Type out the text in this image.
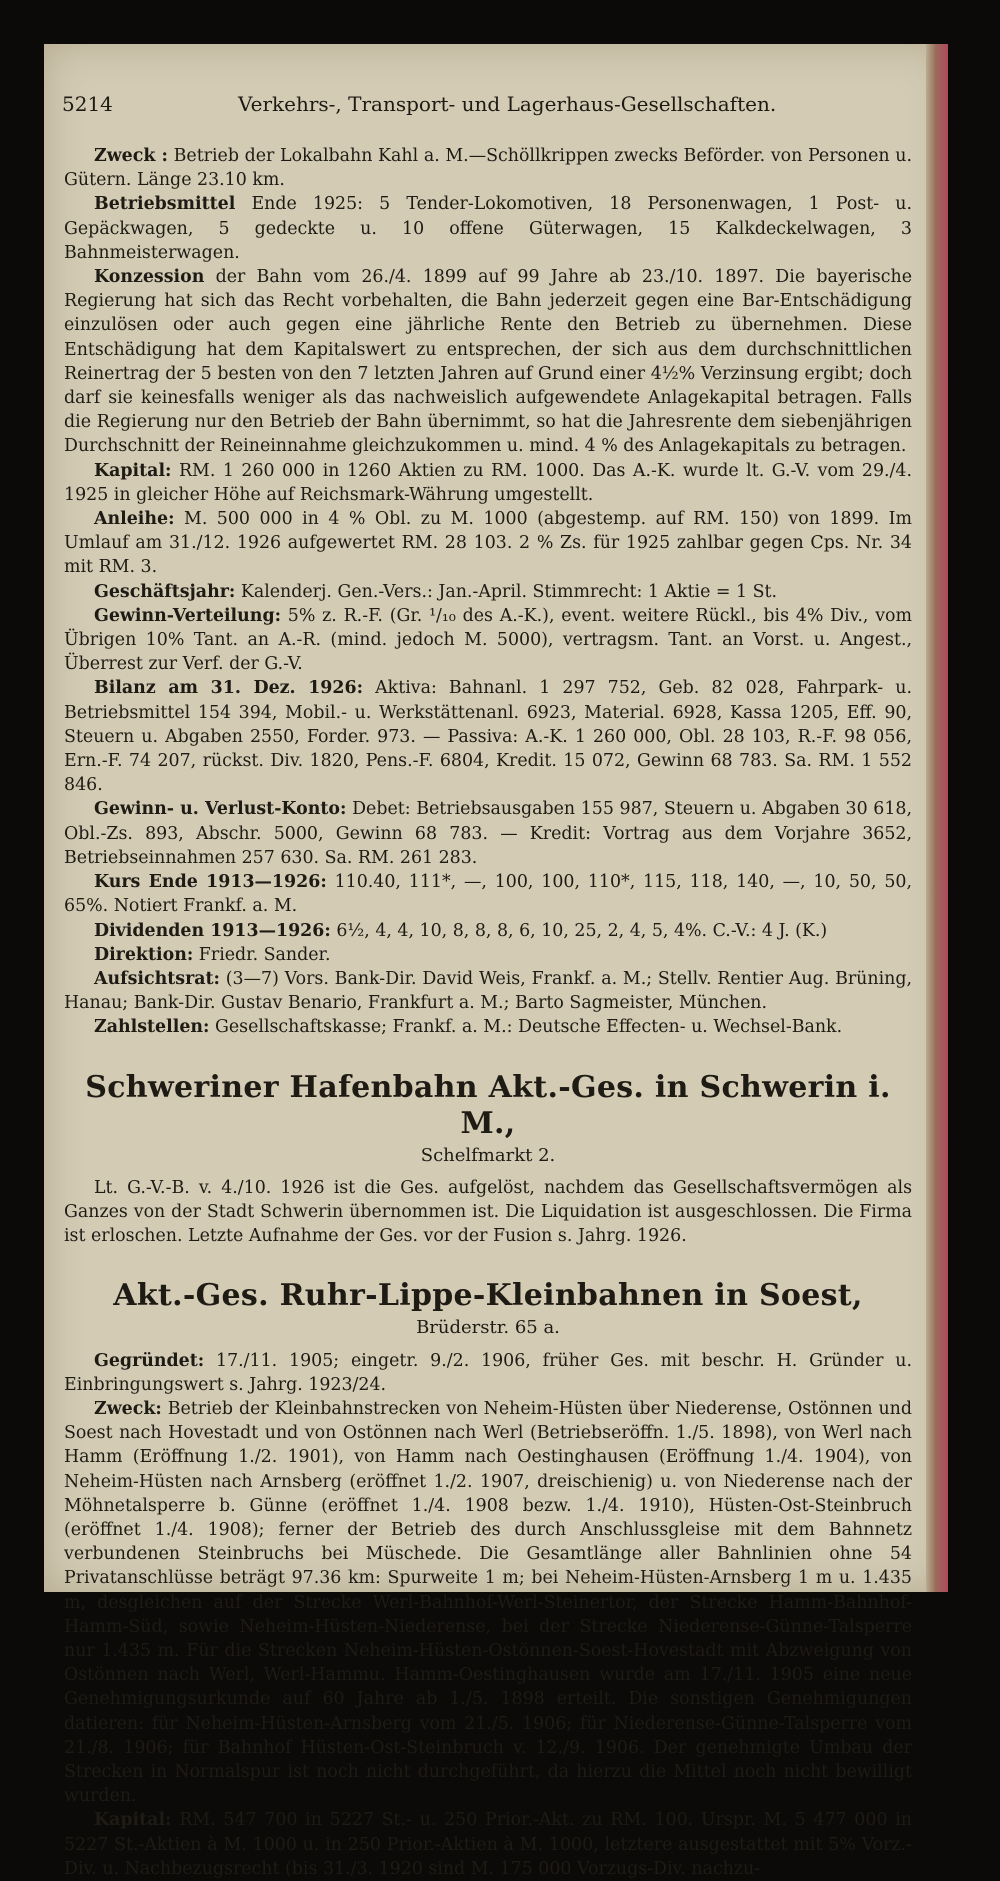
5214	Verkehrs-, Transport- und Lagerhaus-Gesellschaften.

Zweck : Betrieb der Lokalbahn Kahl a. M.—Schöllkrippen zwecks Beförder. von Personen u. Gütern. Länge 23.10 km.

Betriebsmittel Ende 1925: 5 Tender-Lokomotiven, 18 Personenwagen, 1 Post- u. Gepäckwagen, 5 gedeckte u. 10 offene Güterwagen, 15 Kalkdeckelwagen, 3 Bahnmeisterwagen.

Konzession der Bahn vom 26./4. 1899 auf 99 Jahre ab 23./10. 1897. Die bayerische Regierung hat sich das Recht vorbehalten, die Bahn jederzeit gegen eine Bar-Entschädigung einzulösen oder auch gegen eine jährliche Rente den Betrieb zu übernehmen. Diese Entschädigung hat dem Kapitalswert zu entsprechen, der sich aus dem durchschnittlichen Reinertrag der 5 besten von den 7 letzten Jahren auf Grund einer 4½% Verzinsung ergibt; doch darf sie keinesfalls weniger als das nachweislich aufgewendete Anlagekapital betragen. Falls die Regierung nur den Betrieb der Bahn übernimmt, so hat die Jahresrente dem siebenjährigen Durchschnitt der Reineinnahme gleichzukommen u. mind. 4 % des Anlagekapitals zu betragen.

Kapital: RM. 1 260 000 in 1260 Aktien zu RM. 1000. Das A.-K. wurde lt. G.-V. vom 29./4. 1925 in gleicher Höhe auf Reichsmark-Währung umgestellt.

Anleihe: M. 500 000 in 4 % Obl. zu M. 1000 (abgestemp. auf RM. 150) von 1899. Im Umlauf am 31./12. 1926 aufgewertet RM. 28 103. 2 % Zs. für 1925 zahlbar gegen Cps. Nr. 34 mit RM. 3.

Geschäftsjahr: Kalenderj. Gen.-Vers.: Jan.-April. Stimmrecht: 1 Aktie = 1 St.

Gewinn-Verteilung: 5% z. R.-F. (Gr. ¹/₁₀ des A.-K.), event. weitere Rückl., bis 4% Div., vom Übrigen 10% Tant. an A.-R. (mind. jedoch M. 5000), vertragsm. Tant. an Vorst. u. Angest., Überrest zur Verf. der G.-V.

Bilanz am 31. Dez. 1926: Aktiva: Bahnanl. 1 297 752, Geb. 82 028, Fahrpark- u. Betriebsmittel 154 394, Mobil.- u. Werkstättenanl. 6923, Material. 6928, Kassa 1205, Eff. 90, Steuern u. Abgaben 2550, Forder. 973. — Passiva: A.-K. 1 260 000, Obl. 28 103, R.-F. 98 056, Ern.-F. 74 207, rückst. Div. 1820, Pens.-F. 6804, Kredit. 15 072, Gewinn 68 783. Sa. RM. 1 552 846.

Gewinn- u. Verlust-Konto: Debet: Betriebsausgaben 155 987, Steuern u. Abgaben 30 618, Obl.-Zs. 893, Abschr. 5000, Gewinn 68 783. — Kredit: Vortrag aus dem Vorjahre 3652, Betriebseinnahmen 257 630. Sa. RM. 261 283.

Kurs Ende 1913—1926: 110.40, 111*, —, 100, 100, 110*, 115, 118, 140, —, 10, 50, 50, 65%. Notiert Frankf. a. M.

Dividenden 1913—1926: 6½, 4, 4, 10, 8, 8, 8, 6, 10, 25, 2, 4, 5, 4%. C.-V.: 4 J. (K.)

Direktion: Friedr. Sander.

Aufsichtsrat: (3—7) Vors. Bank-Dir. David Weis, Frankf. a. M.; Stellv. Rentier Aug. Brüning, Hanau; Bank-Dir. Gustav Benario, Frankfurt a. M.; Barto Sagmeister, München.

Zahlstellen: Gesellschaftskasse; Frankf. a. M.: Deutsche Effecten- u. Wechsel-Bank.

Schweriner Hafenbahn Akt.-Ges. in Schwerin i. M.,
Schelfmarkt 2.

Lt. G.-V.-B. v. 4./10. 1926 ist die Ges. aufgelöst, nachdem das Gesellschaftsvermögen als Ganzes von der Stadt Schwerin übernommen ist. Die Liquidation ist ausgeschlossen. Die Firma ist erloschen. Letzte Aufnahme der Ges. vor der Fusion s. Jahrg. 1926.

Akt.-Ges. Ruhr-Lippe-Kleinbahnen in Soest,
Brüderstr. 65 a.

Gegründet: 17./11. 1905; eingetr. 9./2. 1906, früher Ges. mit beschr. H. Gründer u. Einbringungswert s. Jahrg. 1923/24.

Zweck: Betrieb der Kleinbahnstrecken von Neheim-Hüsten über Niederense, Ostönnen und Soest nach Hovestadt und von Ostönnen nach Werl (Betriebseröffn. 1./5. 1898), von Werl nach Hamm (Eröffnung 1./2. 1901), von Hamm nach Oestinghausen (Eröffnung 1./4. 1904), von Neheim-Hüsten nach Arnsberg (eröffnet 1./2. 1907, dreischienig) u. von Niederense nach der Möhnetalsperre b. Günne (eröffnet 1./4. 1908 bezw. 1./4. 1910), Hüsten-Ost-Steinbruch (eröffnet 1./4. 1908); ferner der Betrieb des durch Anschlussgleise mit dem Bahnnetz verbundenen Steinbruchs bei Müschede. Die Gesamtlänge aller Bahnlinien ohne 54 Privatanschlüsse beträgt 97.36 km: Spurweite 1 m; bei Neheim-Hüsten-Arnsberg 1 m u. 1.435 m, desgleichen auf der Strecke Werl-Bahnhof-Werl-Steinertor, der Strecke Hamm-Bahnhof-Hamm-Süd, sowie Neheim-Hüsten-Niederense, bei der Strecke Niederense-Günne-Talsperre nur 1.435 m. Für die Strecken Neheim-Hüsten-Ostönnen-Soest-Hovestadt mit Abzweigung von Ostönnen nach Werl, Werl-Hammu. Hamm-Oestinghausen wurde am 17./11. 1905 eine neue Genehmigungsurkunde auf 60 Jahre ab 1./5. 1898 erteilt. Die sonstigen Genehmigungen datieren: für Neheim-Hüsten-Arnsberg vom 21./5. 1906; für Niederense-Günne-Talsperre vom 21./8. 1906; für Bahnhof Hüsten-Ost-Steinbruch v. 12./9. 1906. Der genehmigte Umbau der Strecken in Normalspur ist noch nicht durchgeführt, da hierzu die Mittel noch nicht bewilligt wurden.

Kapital: RM. 547 700 in 5227 St.- u. 250 Prior.-Akt. zu RM. 100. Urspr. M. 5 477 000 in 5227 St.-Aktien à M. 1000 u. in 250 Prior.-Aktien à M. 1000, letztere ausgestattet mit 5% Vorz.-Div. u. Nachbezugsrecht (bis 31./3. 1920 sind M. 175 000 Vorzugs-Div. nachzu-
